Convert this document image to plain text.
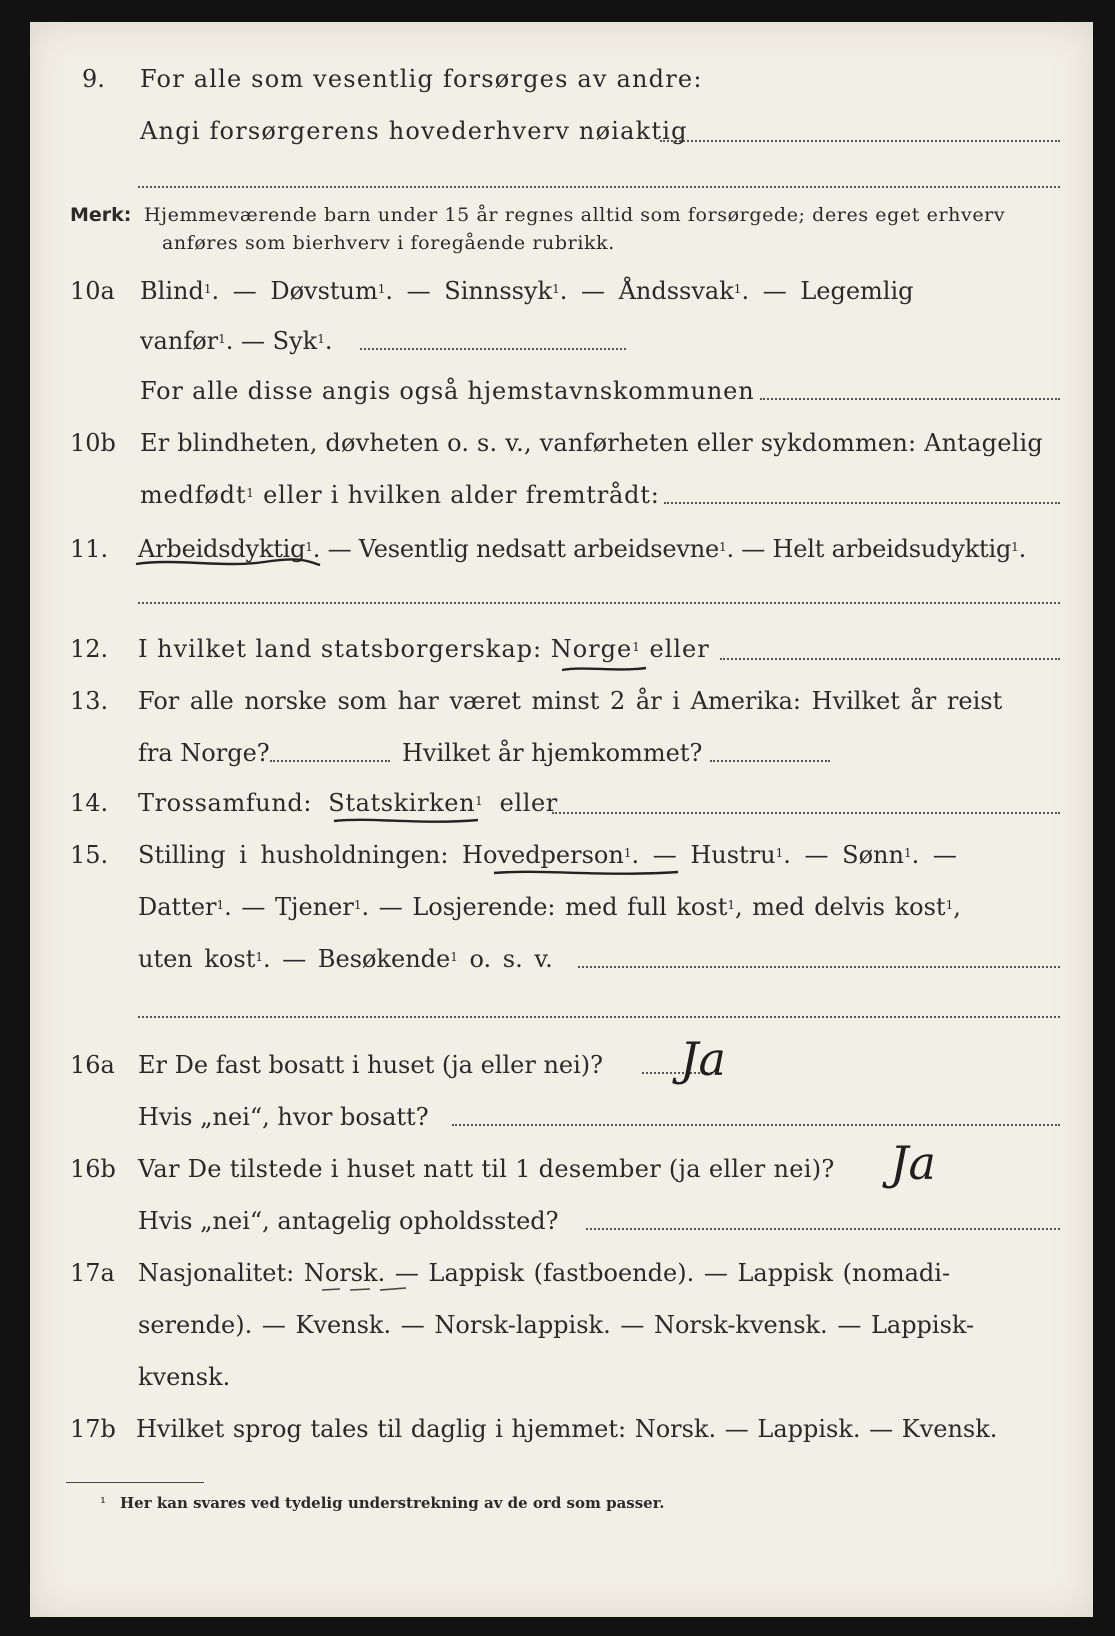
9. For alle som vesentlig forsørges av andre:
Angi forsørgerens hovederhverv nøiaktig
Merk: Hjemmeværende barn under 15 år regnes alltid som forsørgede; deres eget erhverv
anføres som bierhverv i foregående rubrikk.
10a Blind$^1$. — Døvstum$^1$. — Sinnssyk$^1$. — Åndssvak$^1$. — Legemlig
vanfør$^1$. — Syk$^1$.
For alle disse angis også hjemstavnskommunen
10b Er blindheten, døvheten o. s. v., vanførheten eller sykdommen: Antagelig
medfødt$^1$ eller i hvilken alder fremtrådt:
11. Arbeidsdyktig$^1$. — Vesentlig nedsatt arbeidsevne$^1$. — Helt arbeidsudyktig$^1$.
12. I hvilket land statsborgerskap: Norge$^1$ eller
13. For alle norske som har været minst 2 år i Amerika: Hvilket år reist
fra Norge?	Hvilket år hjemkommet?
14. Trossamfund: Statskirken$^1$ eller
15. Stilling i husholdningen: Hovedperson$^1$. — Hustru$^1$. — Sønn$^1$. —
Datter$^1$. — Tjener$^1$. — Losjerende: med full kost$^1$, med delvis kost$^1$,
uten kost$^1$. — Besøkende$^1$ o. s. v.
16a Er De fast bosatt i huset (ja eller nei)? Ja
Hvis „nei“, hvor bosatt?
16b Var De tilstede i huset natt til 1 desember (ja eller nei)? Ja
Hvis „nei“, antagelig opholdssted?
17a Nasjonalitet: Norsk. — Lappisk (fastboende). — Lappisk (nomadi-
serende). — Kvensk. — Norsk-lappisk. — Norsk-kvensk. — Lappisk-
kvensk.
17b Hvilket sprog tales til daglig i hjemmet: Norsk. — Lappisk. — Kvensk.
¹ Her kan svares ved tydelig understrekning av de ord som passer.
